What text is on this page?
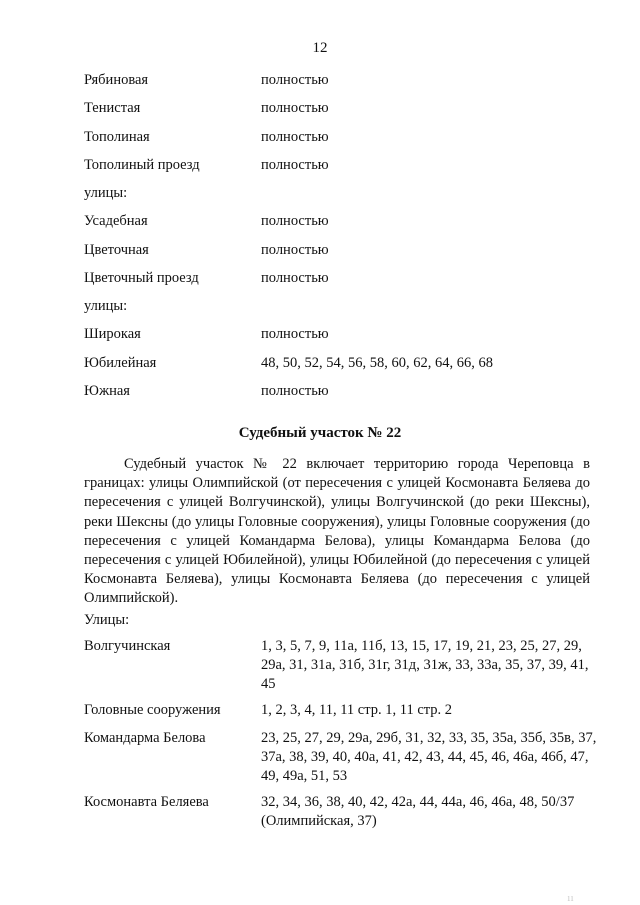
12
Рябиновая	полностью
Тенистая	полностью
Тополиная	полностью
Тополиный проезд	полностью
улицы:
Усадебная	полностью
Цветочная	полностью
Цветочный проезд	полностью
улицы:
Широкая	полностью
Юбилейная	48, 50, 52, 54, 56, 58, 60, 62, 64, 66, 68
Южная	полностью
Судебный участок № 22
Судебный участок № 22 включает территорию города Череповца в границах: улицы Олимпийской (от пересечения с улицей Космонавта Беляева до пересечения с улицей Волгучинской), улицы Волгучинской (до реки Шексны), реки Шексны (до улицы Головные сооружения), улицы Головные сооружения (до пересечения с улицей Командарма Белова), улицы Командарма Белова (до пересечения с улицей Юбилейной), улицы Юбилейной (до пересечения с улицей Космонавта Беляева), улицы Космонавта Беляева (до пересечения с улицей Олимпийской).
Улицы:
Волгучинская	1, 3, 5, 7, 9, 11а, 11б, 13, 15, 17, 19, 21, 23, 25, 27, 29, 29а, 31, 31а, 31б, 31г, 31д, 31ж, 33, 33а, 35, 37, 39, 41, 45
Головные сооружения	1, 2, 3, 4, 11, 11 стр. 1, 11 стр. 2
Командарма Белова	23, 25, 27, 29, 29а, 29б, 31, 32, 33, 35, 35а, 35б, 35в, 37, 37а, 38, 39, 40, 40а, 41, 42, 43, 44, 45, 46, 46а, 46б, 47, 49, 49а, 51, 53
Космонавта Беляева	32, 34, 36, 38, 40, 42, 42а, 44, 44а, 46, 46а, 48, 50/37 (Олимпийская, 37)
11
